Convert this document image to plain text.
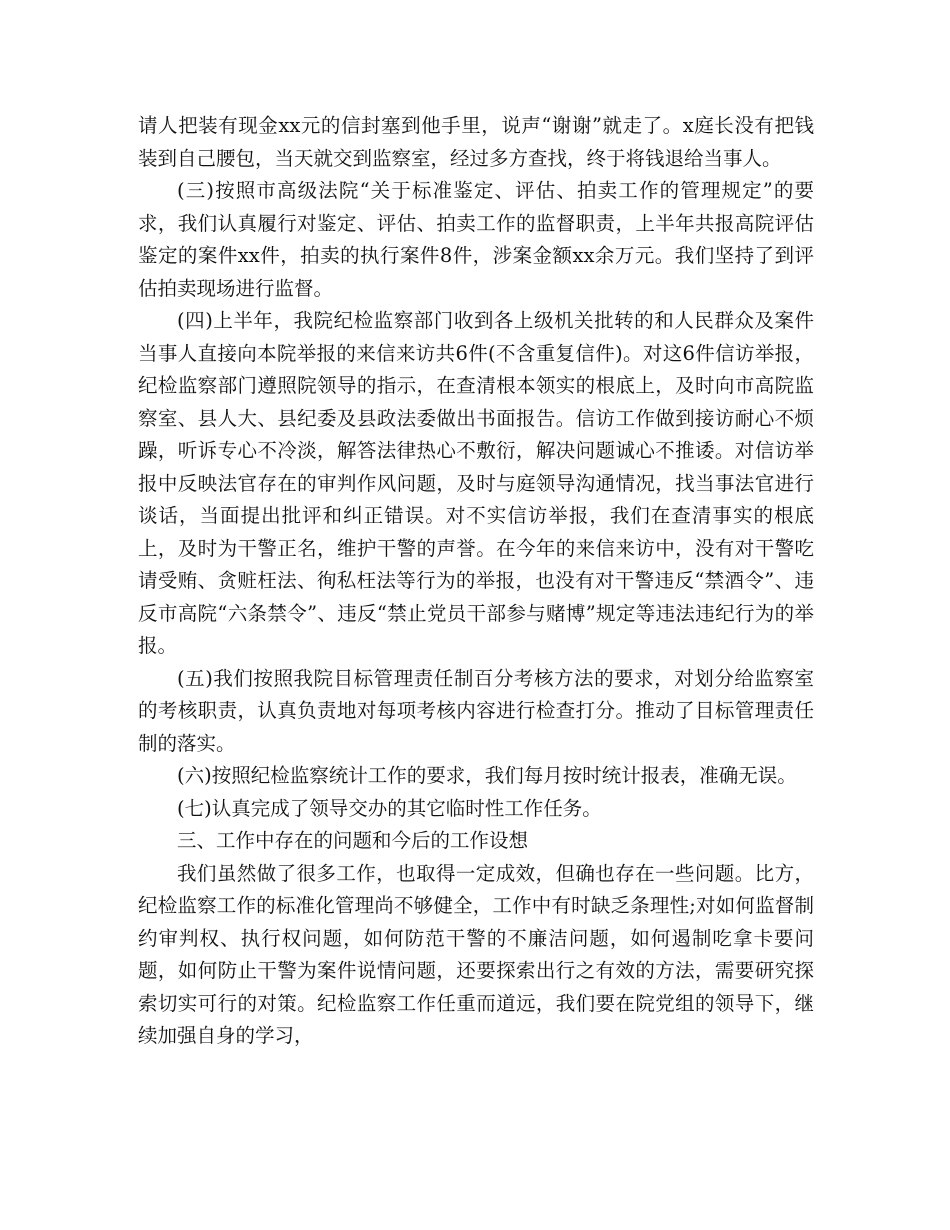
请人把装有现金xx元的信封塞到他手里，说声“谢谢”就走了。x庭长没有把钱装到自己腰包，当天就交到监察室，经过多方查找，终于将钱退给当事人。

(三)按照市高级法院“关于标准鉴定、评估、拍卖工作的管理规定”的要求，我们认真履行对鉴定、评估、拍卖工作的监督职责，上半年共报高院评估鉴定的案件xx件，拍卖的执行案件8件，涉案金额xx余万元。我们坚持了到评估拍卖现场进行监督。

(四)上半年，我院纪检监察部门收到各上级机关批转的和人民群众及案件当事人直接向本院举报的来信来访共6件(不含重复信件)。对这6件信访举报，纪检监察部门遵照院领导的指示，在查清根本领实的根底上，及时向市高院监察室、县人大、县纪委及县政法委做出书面报告。信访工作做到接访耐心不烦躁，听诉专心不冷淡，解答法律热心不敷衍，解决问题诚心不推诿。对信访举报中反映法官存在的审判作风问题，及时与庭领导沟通情况，找当事法官进行谈话，当面提出批评和纠正错误。对不实信访举报，我们在查清事实的根底上，及时为干警正名，维护干警的声誉。在今年的来信来访中，没有对干警吃请受贿、贪赃枉法、徇私枉法等行为的举报，也没有对干警违反“禁酒令”、违反市高院“六条禁令”、违反“禁止党员干部参与赌博”规定等违法违纪行为的举报。

(五)我们按照我院目标管理责任制百分考核方法的要求，对划分给监察室的考核职责，认真负责地对每项考核内容进行检查打分。推动了目标管理责任制的落实。

(六)按照纪检监察统计工作的要求，我们每月按时统计报表，准确无误。

(七)认真完成了领导交办的其它临时性工作任务。

三、工作中存在的问题和今后的工作设想

我们虽然做了很多工作，也取得一定成效，但确也存在一些问题。比方，纪检监察工作的标准化管理尚不够健全，工作中有时缺乏条理性;对如何监督制约审判权、执行权问题，如何防范干警的不廉洁问题，如何遏制吃拿卡要问题，如何防止干警为案件说情问题，还要探索出行之有效的方法，需要研究探索切实可行的对策。纪检监察工作任重而道远，我们要在院党组的领导下，继续加强自身的学习，
